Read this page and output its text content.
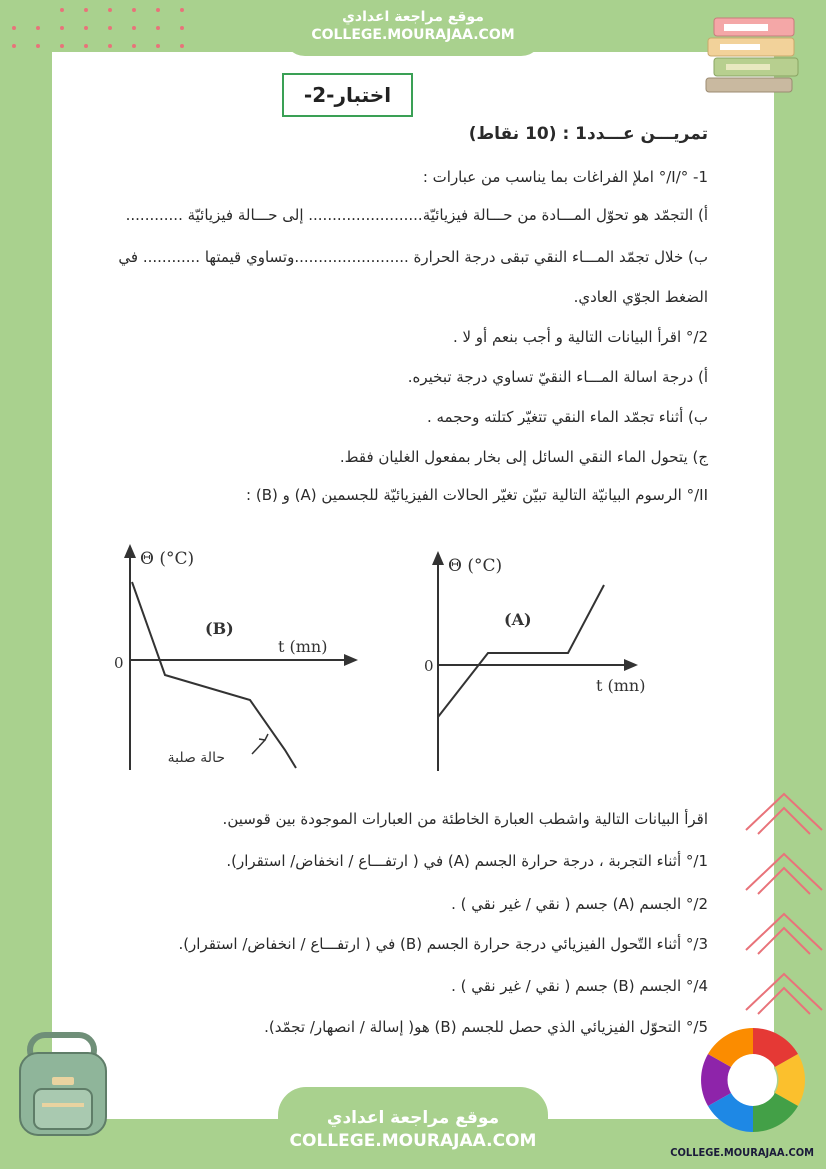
موقع مراجعة اعدادي
COLLEGE.MOURAJAA.COM
اختبار-2-
تمريـــن عـــدد1 : (10 نقاط)
I/° -1/° املإ الفراغات بما يناسب من عبارات :
أ) التجمّد هو تحوّل المـــادة من حـــالة فيزيائيّة........................ إلى حـــالة فيزيائيّة ............
ب) خلال تجمّد المـــاء النقي تبقى درجة الحرارة ........................وتساوي قيمتها ............ في
الضغط الجوّي العادي.
2/° اقرأ البيانات التالية و أجب بنعم أو لا .
أ) درجة اسالة المـــاء النقيّ تساوي درجة تبخيره.
ب) أثناء تجمّد الماء النقي تتغيّر كتلته وحجمه .
ج) يتحول الماء النقي السائل إلى بخار بمفعول الغليان فقط.
II/° الرسوم البيانيّة التالية تبيّن تغيّر الحالات الفيزيائيّة للجسمين (A) و (B) :
Θ (°C)
t (mn)
0
(B)
حالة صلبة
Θ (°C)
t (mn)
0
(A)
اقرأ البيانات التالية واشطب العبارة الخاطئة من العبارات الموجودة بين قوسين.
1/° أثناء التجربة ، درجة حرارة الجسم (A) في ( ارتفـــاع / انخفاض/ استقرار).
2/° الجسم (A) جسم ( نقي / غير نقي ) .
3/° أثناء التّحول الفيزيائي درجة حرارة الجسم (B) في ( ارتفـــاع / انخفاض/ استقرار).
4/° الجسم (B) جسم ( نقي / غير نقي ) .
5/° التحوّل الفيزيائي الذي حصل للجسم (B) هو( إسالة / انصهار/ تجمّد).
موقع مراجعة اعدادي
COLLEGE.MOURAJAA.COM
COLLEGE.MOURAJAA.COM
